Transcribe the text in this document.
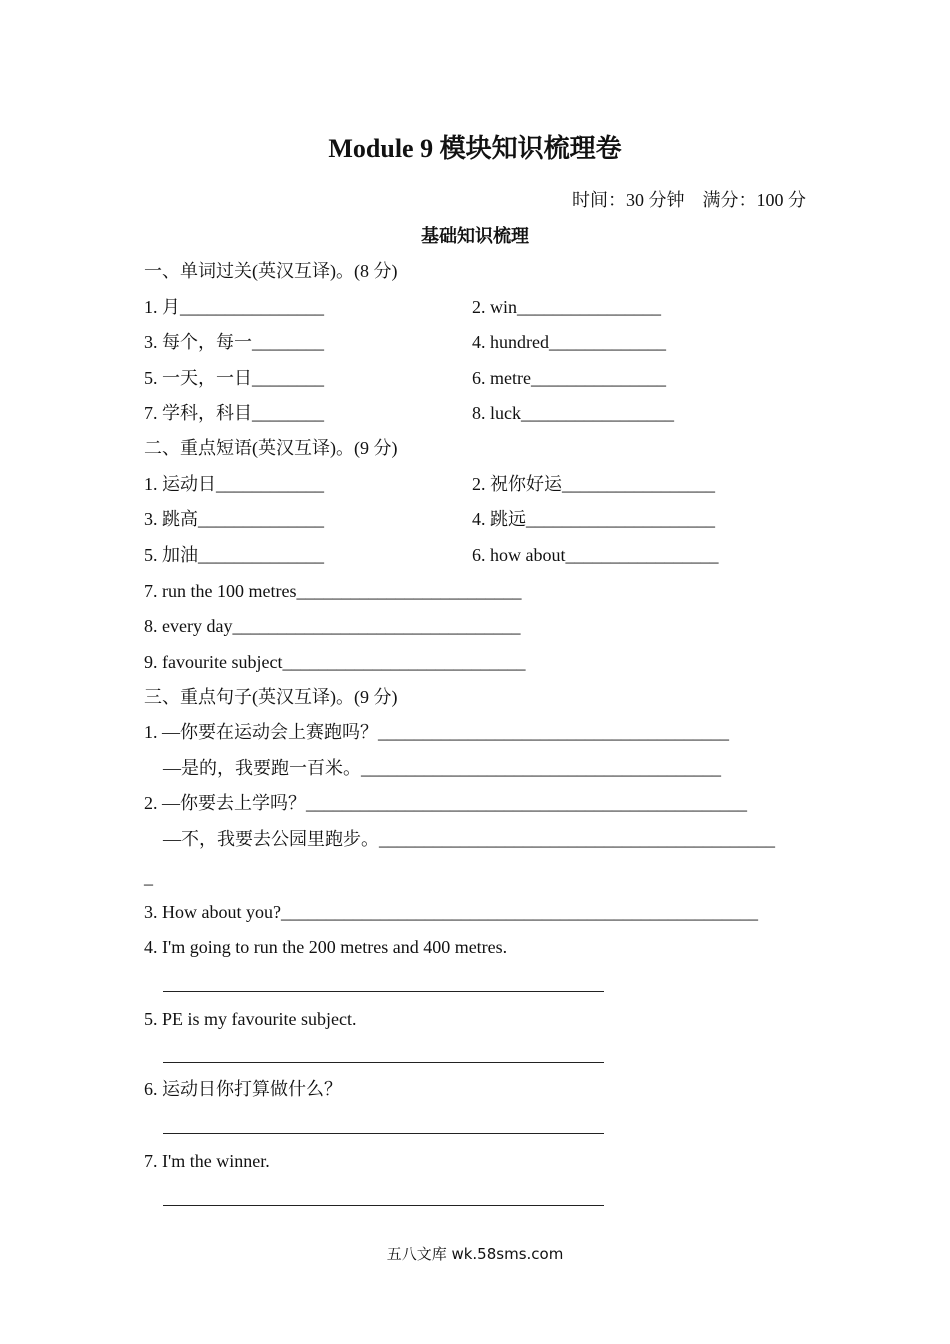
Module 9 模块知识梳理卷
时间：30 分钟　满分：100 分
基础知识梳理
一、单词过关(英汉互译)。(8 分)
1. 月________________	2. win________________
3. 每个，每一________	4. hundred_____________
5. 一天，一日________	6. metre_______________
7. 学科，科目________	8. luck_________________
二、重点短语(英汉互译)。(9 分)
1. 运动日____________	2. 祝你好运_________________
3. 跳高______________	4. 跳远_____________________
5. 加油______________	6. how about_________________
7. run the 100 metres_________________________
8. every day________________________________
9. favourite subject___________________________
三、重点句子(英汉互译)。(9 分)
1. —你要在运动会上赛跑吗？_______________________________________
—是的，我要跑一百米。________________________________________
2. —你要去上学吗？_________________________________________________
—不，我要去公园里跑步。____________________________________________
_
3. How about you?_____________________________________________________
4. I'm going to run the 200 metres and 400 metres.
5. PE is my favourite subject.
6. 运动日你打算做什么？
7. I'm the winner.
五八文库 wk.58sms.com
